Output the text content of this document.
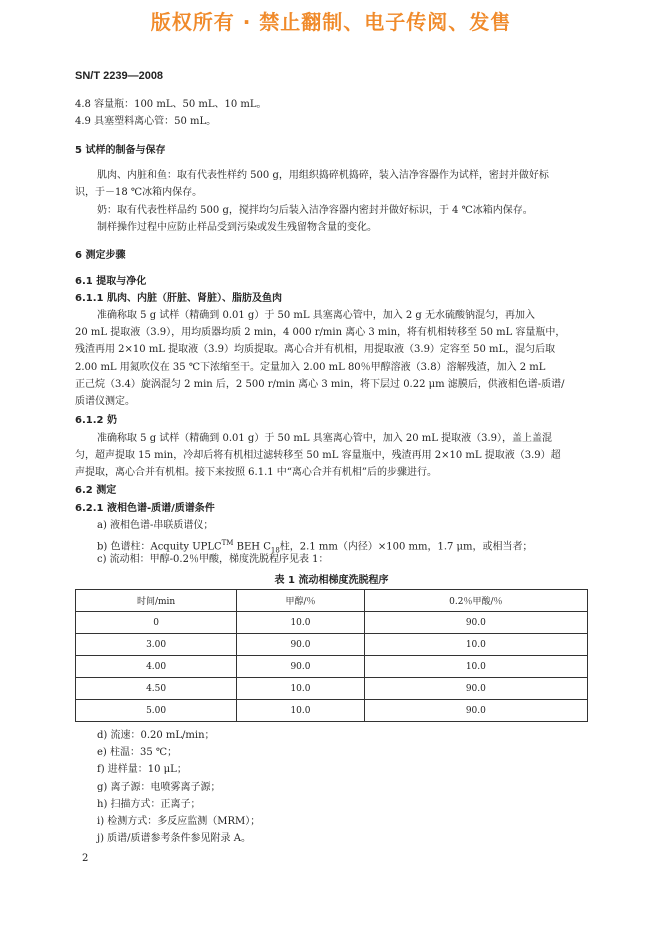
版权所有 · 禁止翻制、电子传阅、发售
SN/T 2239—2008
4.8 容量瓶：100 mL、50 mL、10 mL。
4.9 具塞塑料离心管：50 mL。
5 试样的制备与保存
肌肉、内脏和鱼：取有代表性样约 500 g，用组织捣碎机捣碎，装入洁净容器作为试样，密封并做好标
识，于－18 ℃冰箱内保存。
奶：取有代表性样品约 500 g，搅拌均匀后装入洁净容器内密封并做好标识，于 4 ℃冰箱内保存。
制样操作过程中应防止样品受到污染或发生残留物含量的变化。
6 测定步骤
6.1 提取与净化
6.1.1 肌肉、内脏（肝脏、肾脏）、脂肪及鱼肉
准确称取 5 g 试样（精确到 0.01 g）于 50 mL 具塞离心管中，加入 2 g 无水硫酸钠混匀，再加入
20 mL 提取液（3.9），用均质器均质 2 min，4 000 r/min 离心 3 min，将有机相转移至 50 mL 容量瓶中，
残渣再用 2×10 mL 提取液（3.9）均质提取。离心合并有机相，用提取液（3.9）定容至 50 mL，混匀后取
2.00 mL 用氮吹仪在 35 ℃下浓缩至干。定量加入 2.00 mL 80％甲醇溶液（3.8）溶解残渣，加入 2 mL
正己烷（3.4）旋涡混匀 2 min 后，2 500 r/min 离心 3 min，将下层过 0.22 μm 滤膜后，供液相色谱-质谱/
质谱仪测定。
6.1.2 奶
准确称取 5 g 试样（精确到 0.01 g）于 50 mL 具塞离心管中，加入 20 mL 提取液（3.9），盖上盖混
匀，超声提取 15 min，冷却后将有机相过滤转移至 50 mL 容量瓶中，残渣再用 2×10 mL 提取液（3.9）超
声提取，离心合并有机相。接下来按照 6.1.1 中“离心合并有机相”后的步骤进行。
6.2 测定
6.2.1 液相色谱-质谱/质谱条件
a) 液相色谱-串联质谱仪；
b) 色谱柱：Acquity UPLC™ BEH $C_{18}$柱，2.1 mm（内径）×100 mm，1.7 μm，或相当者；
c) 流动相：甲醇-0.2％甲酸，梯度洗脱程序见表 1：
表 1 流动相梯度洗脱程序
时间/min	甲醇/％	0.2％甲酸/％
0	10.0	90.0
3.00	90.0	10.0
4.00	90.0	10.0
4.50	10.0	90.0
5.00	10.0	90.0
d) 流速：0.20 mL/min；
e) 柱温：35 ℃；
f) 进样量：10 μL；
g) 离子源：电喷雾离子源；
h) 扫描方式：正离子；
i) 检测方式：多反应监测（MRM）；
j) 质谱/质谱参考条件参见附录 A。
2
